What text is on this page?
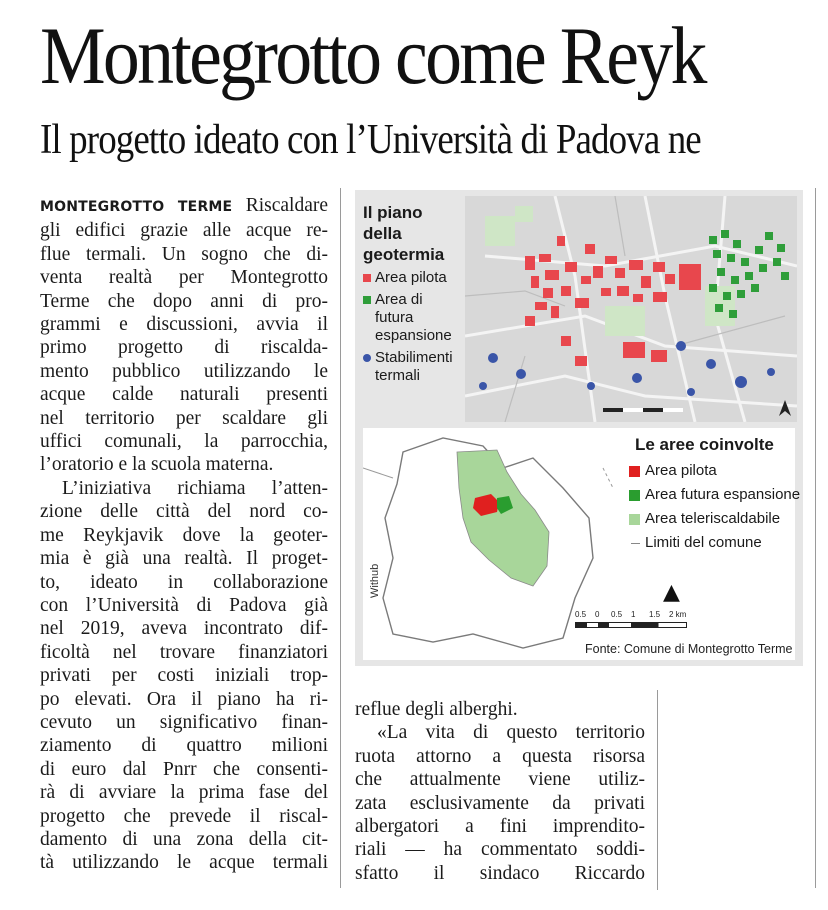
Montegrotto come Reyk
Il progetto ideato con l’Università di Padova ne

MONTEGROTTO TERME Riscaldare

gli edifici grazie alle acque re-

flue termali. Un sogno che di-

venta realtà per Montegrotto

Terme che dopo anni di pro-

grammi e discussioni, avvia il

primo progetto di riscalda-

mento pubblico utilizzando le

acque calde naturali presenti

nel territorio per scaldare gli

uffici comunali, la parrocchia,

l’oratorio e la scuola materna.

L’iniziativa richiama l’atten-

zione delle città del nord co-

me Reykjavik dove la geoter-

mia è già una realtà. Il proget-

to, ideato in collaborazione

con l’Università di Padova già

nel 2019, aveva incontrato dif-

ficoltà nel trovare finanziatori

privati per costi iniziali trop-

po elevati. Ora il piano ha ri-

cevuto un significativo finan-

ziamento di quattro milioni

di euro dal Pnrr che consenti-

rà di avviare la prima fase del

progetto che prevede il riscal-

damento di una zona della cit-

tà utilizzando le acque termali

reflue degli alberghi.

«La vita di questo territorio

ruota attorno a questa risorsa

che attualmente viene utiliz-

zata esclusivamente da privati

albergatori a fini imprendito-

riali — ha commentato soddi-

sfatto il sindaco Riccardo

Il piano della geotermia
Area pilota
Area di futura espansione
Stabilimenti termali
Withub
Le aree coinvolte
Area pilota
Area futura espansione
Area teleriscaldabile
Limiti del comune
▲
0.5 0 0.5 1 1.5 2 km
Fonte: Comune di Montegrotto Terme
